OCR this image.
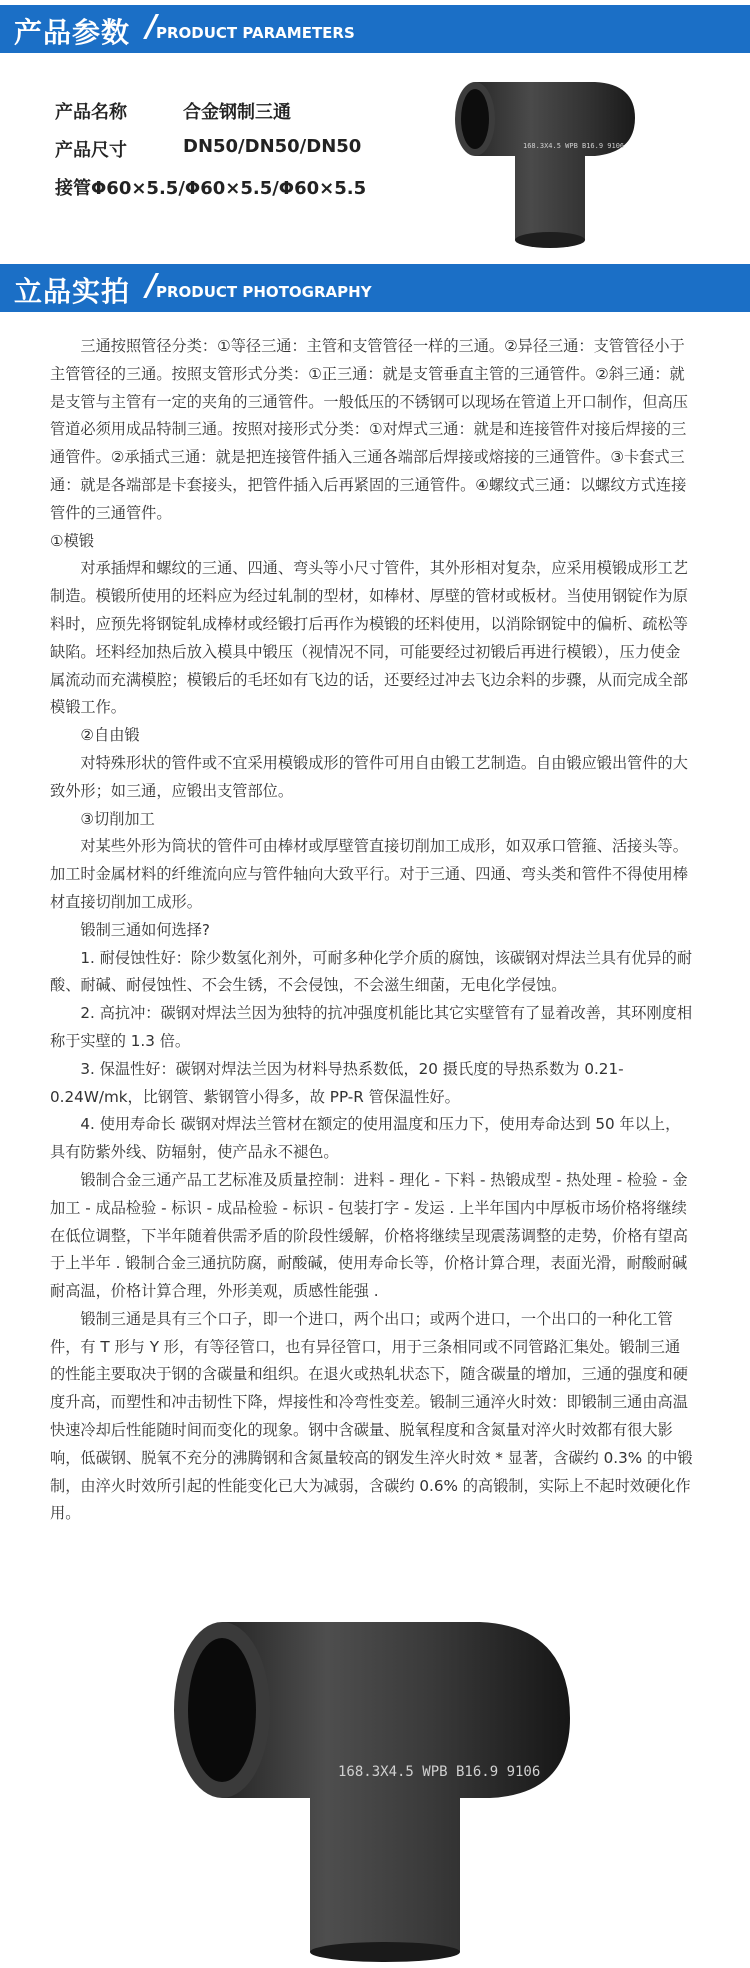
产品参数 / PRODUCT PARAMETERS
产品名称	合金钢制三通
产品尺寸	DN50/DN50/DN50
接管Φ60×5.5/Φ60×5.5/Φ60×5.5
168.3X4.5 WPB B16.9 9106
立品实拍 / PRODUCT PHOTOGRAPHY

三通按照管径分类：①等径三通：主管和支管管径一样的三通。②异径三通：支管管径小于主管管径的三通。按照支管形式分类：①正三通：就是支管垂直主管的三通管件。②斜三通：就是支管与主管有一定的夹角的三通管件。一般低压的不锈钢可以现场在管道上开口制作，但高压管道必须用成品特制三通。按照对接形式分类：①对焊式三通：就是和连接管件对接后焊接的三通管件。②承插式三通：就是把连接管件插入三通各端部后焊接或熔接的三通管件。③卡套式三通：就是各端部是卡套接头，把管件插入后再紧固的三通管件。④螺纹式三通：以螺纹方式连接管件的三通管件。

①模锻

对承插焊和螺纹的三通、四通、弯头等小尺寸管件，其外形相对复杂，应采用模锻成形工艺制造。模锻所使用的坯料应为经过轧制的型材，如棒材、厚壁的管材或板材。当使用钢锭作为原料时，应预先将钢锭轧成棒材或经锻打后再作为模锻的坯料使用，以消除钢锭中的偏析、疏松等缺陷。坯料经加热后放入模具中锻压（视情况不同，可能要经过初锻后再进行模锻），压力使金属流动而充满模腔；模锻后的毛坯如有飞边的话，还要经过冲去飞边余料的步骤，从而完成全部模锻工作。

②自由锻

对特殊形状的管件或不宜采用模锻成形的管件可用自由锻工艺制造。自由锻应锻出管件的大致外形；如三通，应锻出支管部位。

③切削加工

对某些外形为筒状的管件可由棒材或厚壁管直接切削加工成形，如双承口管箍、活接头等。加工时金属材料的纤维流向应与管件轴向大致平行。对于三通、四通、弯头类和管件不得使用棒材直接切削加工成形。

锻制三通如何选择?

1. 耐侵蚀性好：除少数氢化剂外，可耐多种化学介质的腐蚀，该碳钢对焊法兰具有优异的耐酸、耐碱、耐侵蚀性、不会生锈，不会侵蚀，不会滋生细菌，无电化学侵蚀。

2. 高抗冲：碳钢对焊法兰因为独特的抗冲强度机能比其它实壁管有了显着改善，其环刚度相称于实壁的 1.3 倍。

3. 保温性好：碳钢对焊法兰因为材料导热系数低，20 摄氏度的导热系数为 0.21-0.24W/mk，比钢管、紫钢管小得多，故 PP-R 管保温性好。

4. 使用寿命长 碳钢对焊法兰管材在额定的使用温度和压力下，使用寿命达到 50 年以上，具有防紫外线、防辐射，使产品永不褪色。

锻制合金三通产品工艺标准及质量控制：进料 - 理化 - 下料 - 热锻成型 - 热处理 - 检验 - 金加工 - 成品检验 - 标识 - 成品检验 - 标识 - 包装打字 - 发运 . 上半年国内中厚板市场价格将继续在低位调整，下半年随着供需矛盾的阶段性缓解，价格将继续呈现震荡调整的走势，价格有望高于上半年 . 锻制合金三通抗防腐，耐酸碱，使用寿命长等，价格计算合理，表面光滑，耐酸耐碱耐高温，价格计算合理，外形美观，质感性能强 .

锻制三通是具有三个口子，即一个进口，两个出口；或两个进口，一个出口的一种化工管件，有 T 形与 Y 形，有等径管口，也有异径管口，用于三条相同或不同管路汇集处。锻制三通的性能主要取决于钢的含碳量和组织。在退火或热轧状态下，随含碳量的增加，三通的强度和硬度升高，而塑性和冲击韧性下降，焊接性和冷弯性变差。锻制三通淬火时效：即锻制三通由高温快速冷却后性能随时间而变化的现象。钢中含碳量、脱氧程度和含氮量对淬火时效都有很大影响，低碳钢、脱氧不充分的沸腾钢和含氮量较高的钢发生淬火时效 * 显著，含碳约 0.3% 的中锻制，由淬火时效所引起的性能变化已大为减弱，含碳约 0.6% 的高锻制，实际上不起时效硬化作用。

168.3X4.5 WPB B16.9 9106
